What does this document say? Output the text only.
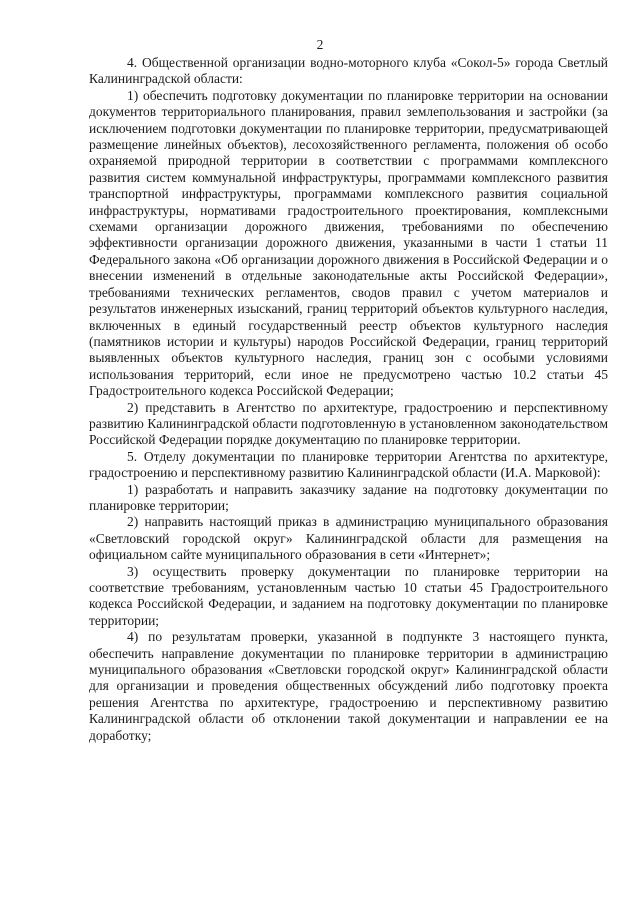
2

4. Общественной организации водно-моторного клуба «Сокол-5» города Светлый Калининградской области:

1) обеспечить подготовку документации по планировке территории на основании документов территориального планирования, правил землепользования и застройки (за исключением подготовки документации по планировке территории, предусматривающей размещение линейных объектов), лесохозяйственного регламента, положения об особо охраняемой природной территории в соответствии с программами комплексного развития систем коммунальной инфраструктуры, программами комплексного развития транспортной инфраструктуры, программами комплексного развития социальной инфраструктуры, нормативами градостроительного проектирования, комплексными схемами организации дорожного движения, требованиями по обеспечению эффективности организации дорожного движения, указанными в части 1 статьи 11 Федерального закона «Об организации дорожного движения в Российской Федерации и о внесении изменений в отдельные законодательные акты Российской Федерации», требованиями технических регламентов, сводов правил с учетом материалов и результатов инженерных изысканий, границ территорий объектов культурного наследия, включенных в единый государственный реестр объектов культурного наследия (памятников истории и культуры) народов Российской Федерации, границ территорий выявленных объектов культурного наследия, границ зон с особыми условиями использования территорий, если иное не предусмотрено частью 10.2 статьи 45 Градостроительного кодекса Российской Федерации;

2) представить в Агентство по архитектуре, градостроению и перспективному развитию Калининградской области подготовленную в установленном законодательством Российской Федерации порядке документацию по планировке территории.

5. Отделу документации по планировке территории Агентства по архитектуре, градостроению и перспективному развитию Калининградской области (И.А. Марковой):

1) разработать и направить заказчику задание на подготовку документации по планировке территории;

2) направить настоящий приказ в администрацию муниципального образования «Светловский городской округ» Калининградской области для размещения на официальном сайте муниципального образования в сети «Интернет»;

3) осуществить проверку документации по планировке территории на соответствие требованиям, установленным частью 10 статьи 45 Градостроительного кодекса Российской Федерации, и заданием на подготовку документации по планировке территории;

4) по результатам проверки, указанной в подпункте 3 настоящего пункта, обеспечить направление документации по планировке территории в администрацию муниципального образования «Светловски городской округ» Калининградской области для организации и проведения общественных обсуждений либо подготовку проекта решения Агентства по архитектуре, градостроению и перспективному развитию Калининградской области об отклонении такой документации и направлении ее на доработку;
